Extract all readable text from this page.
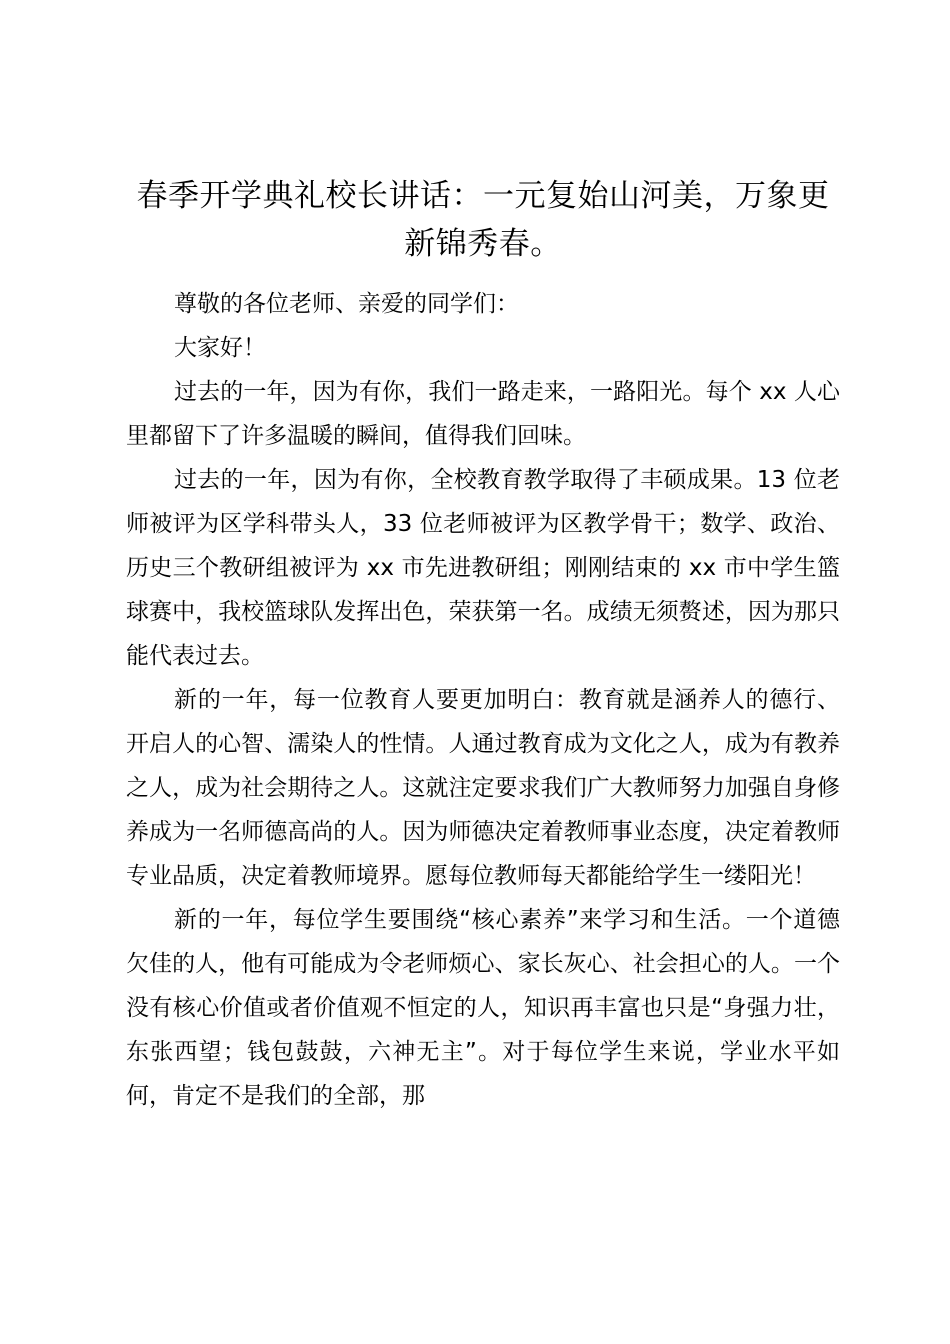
春季开学典礼校长讲话：一元复始山河美，万象更新锦秀春。

尊敬的各位老师、亲爱的同学们：

大家好！

过去的一年，因为有你，我们一路走来，一路阳光。每个 xx 人心里都留下了许多温暖的瞬间，值得我们回味。

过去的一年，因为有你，全校教育教学取得了丰硕成果。13 位老师被评为区学科带头人，33 位老师被评为区教学骨干；数学、政治、历史三个教研组被评为 xx 市先进教研组；刚刚结束的 xx 市中学生篮球赛中，我校篮球队发挥出色，荣获第一名。成绩无须赘述，因为那只能代表过去。

新的一年，每一位教育人要更加明白：教育就是涵养人的德行、开启人的心智、濡染人的性情。人通过教育成为文化之人，成为有教养之人，成为社会期待之人。这就注定要求我们广大教师努力加强自身修养成为一名师德高尚的人。因为师德决定着教师事业态度，决定着教师专业品质，决定着教师境界。愿每位教师每天都能给学生一缕阳光！

新的一年，每位学生要围绕“核心素养”来学习和生活。一个道德欠佳的人，他有可能成为令老师烦心、家长灰心、社会担心的人。一个没有核心价值或者价值观不恒定的人，知识再丰富也只是“身强力壮，东张西望；钱包鼓鼓，六神无主”。对于每位学生来说，学业水平如何，肯定不是我们的全部，那
